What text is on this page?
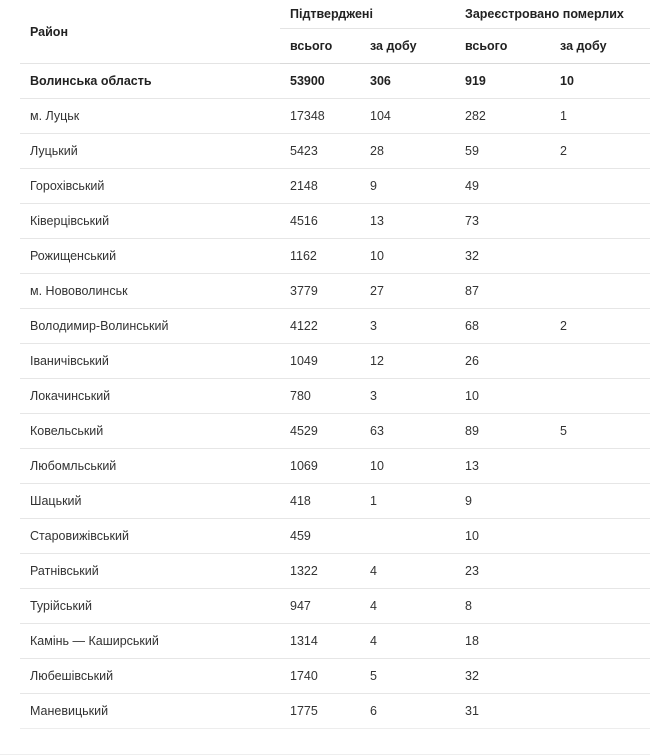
Район	Підтверджені		Зареєстровано померлих	
	всього	за добу	всього	за добу
Волинська область	53900	306	919	10
м. Луцьк	17348	104	282	1
Луцький	5423	28	59	2
Горохівський	2148	9	49	
Ківерцівський	4516	13	73	
Рожищенський	1162	10	32	
м. Нововолинськ	3779	27	87	
Володимир-Волинський	4122	3	68	2
Іваничівський	1049	12	26	
Локачинський	780	3	10	
Ковельський	4529	63	89	5
Любомльський	1069	10	13	
Шацький	418	1	9	
Старовижівський	459		10	
Ратнівський	1322	4	23	
Турійський	947	4	8	
Камінь — Каширський	1314	4	18	
Любешівський	1740	5	32	
Маневицький	1775	6	31	
